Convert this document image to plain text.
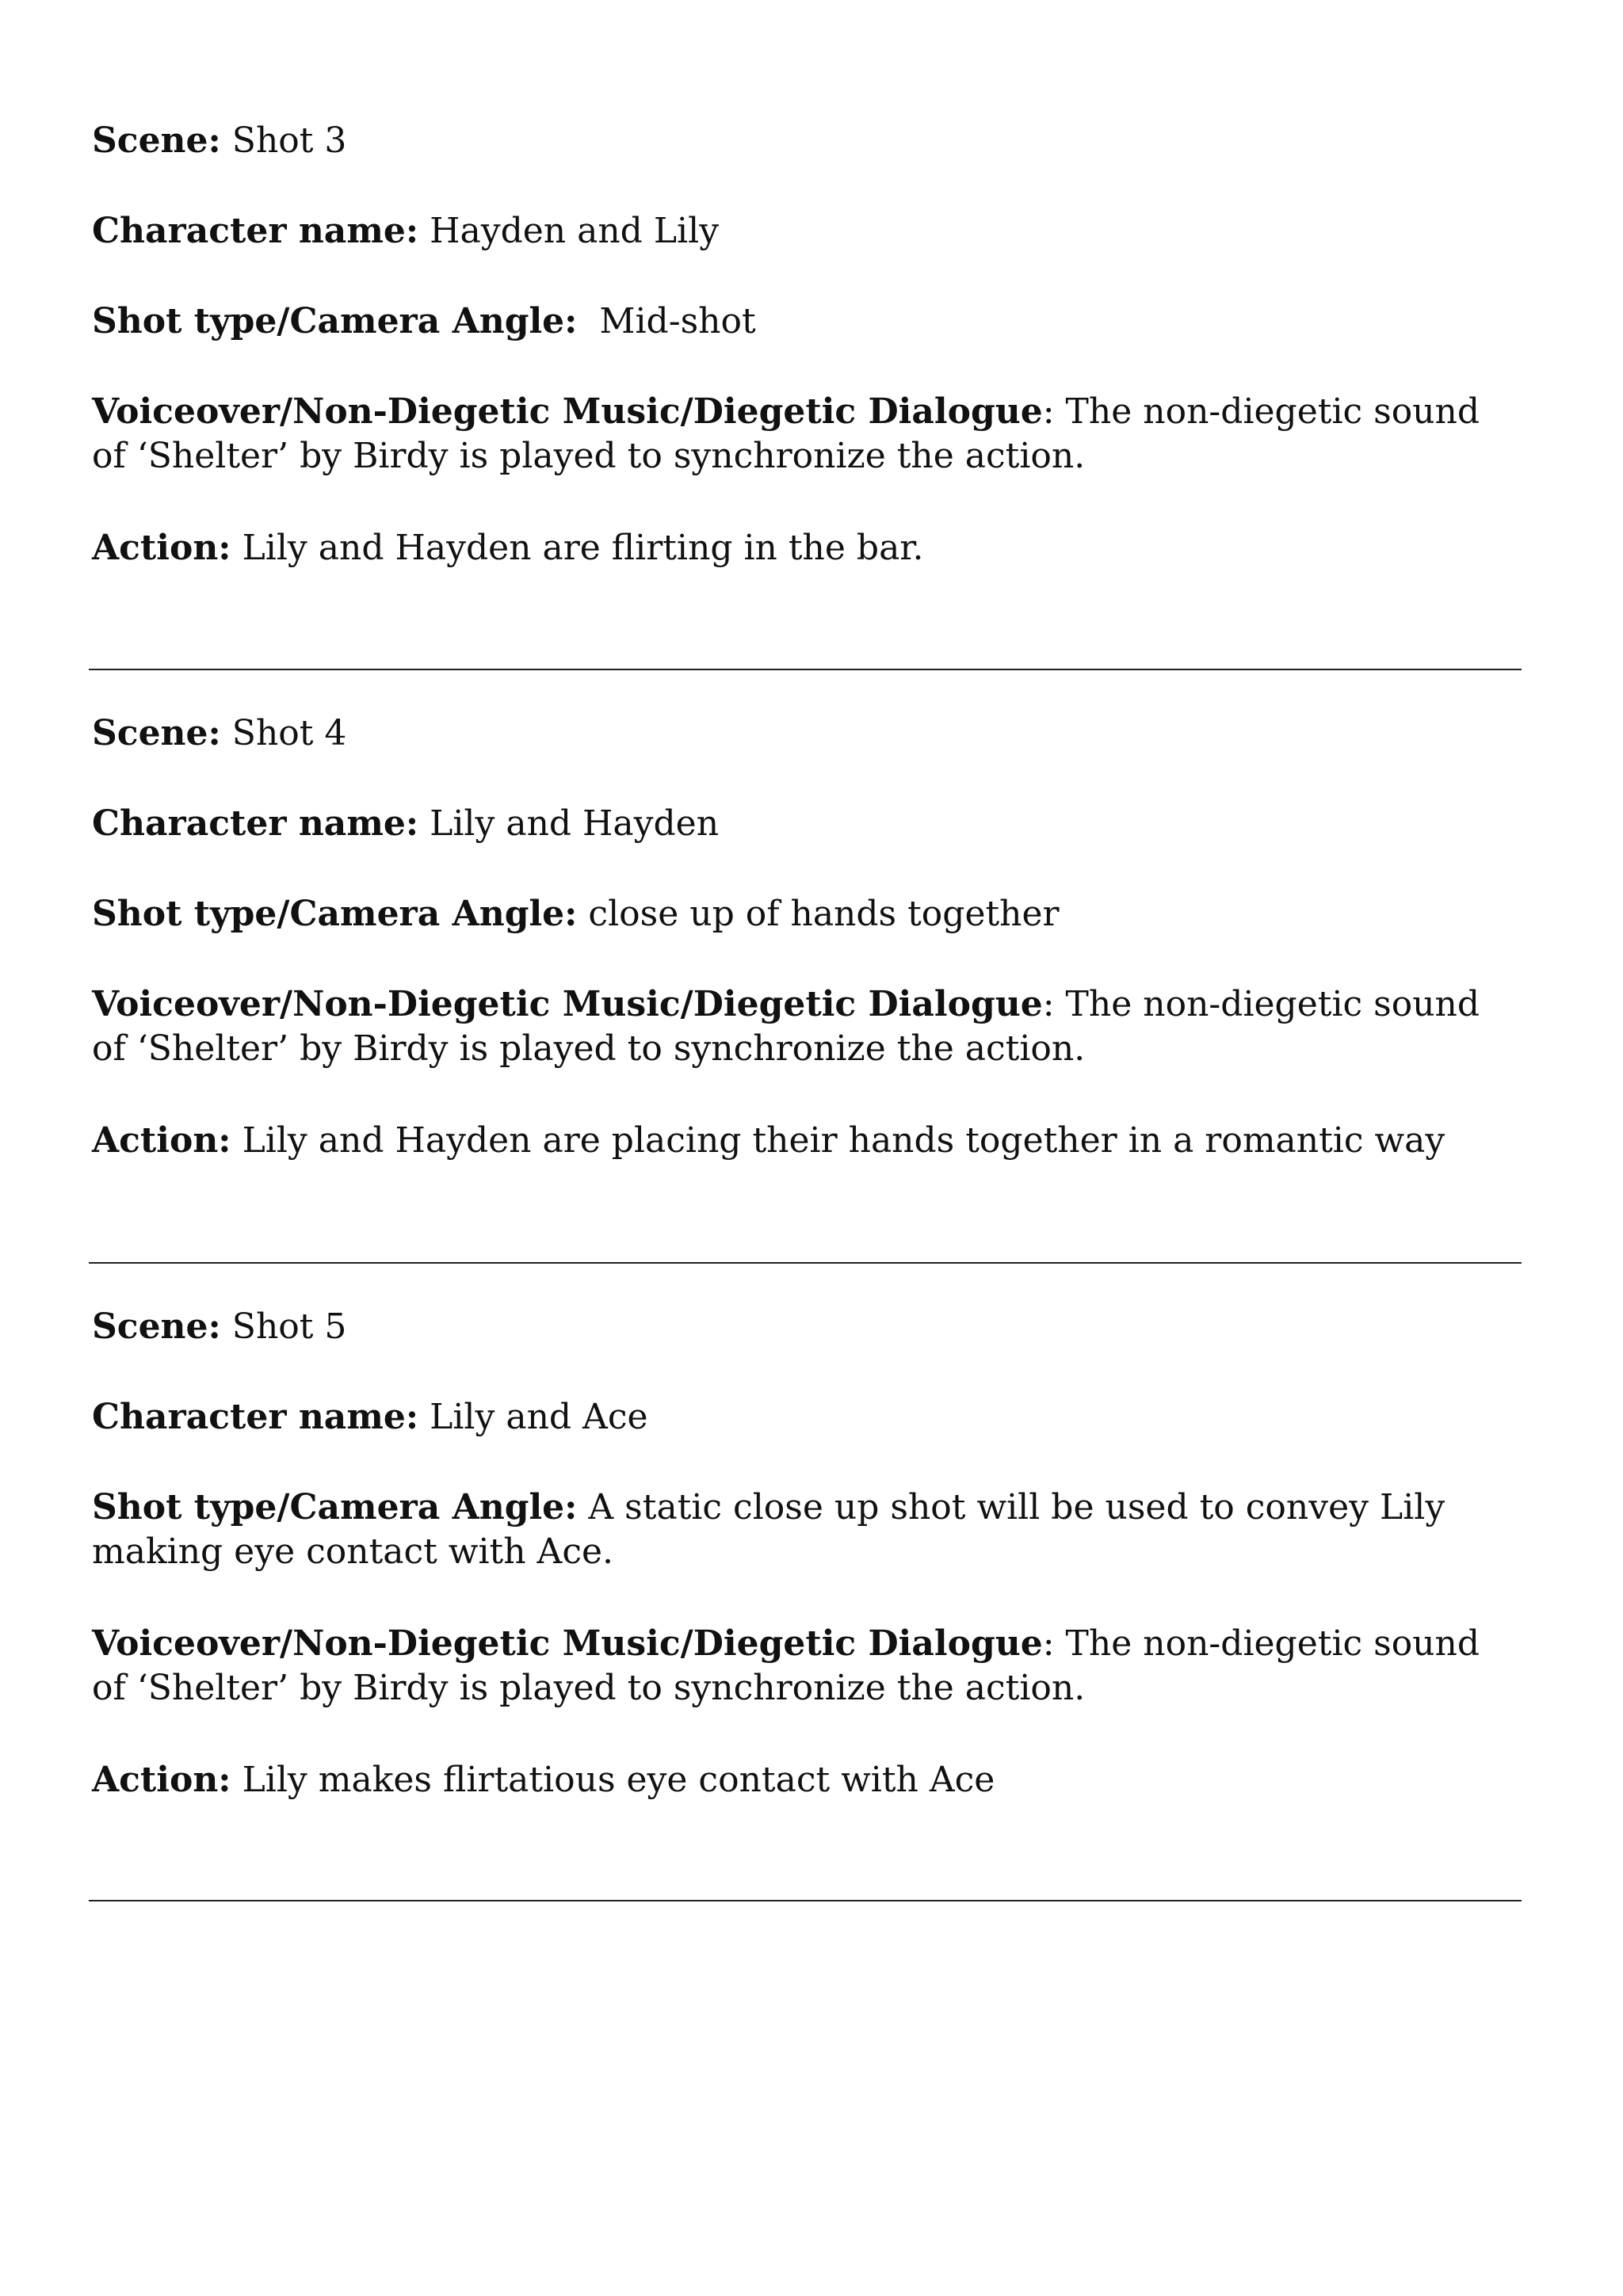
Scene: Shot 3
Character name: Hayden and Lily
Shot type/Camera Angle: Mid-shot
Voiceover/Non-Diegetic Music/Diegetic Dialogue: The non-diegetic sound of ‘Shelter’ by Birdy is played to synchronize the action.
Action: Lily and Hayden are flirting in the bar.
Scene: Shot 4
Character name: Lily and Hayden
Shot type/Camera Angle: close up of hands together
Voiceover/Non-Diegetic Music/Diegetic Dialogue: The non-diegetic sound of ‘Shelter’ by Birdy is played to synchronize the action.
Action: Lily and Hayden are placing their hands together in a romantic way
Scene: Shot 5
Character name: Lily and Ace
Shot type/Camera Angle: A static close up shot will be used to convey Lily making eye contact with Ace.
Voiceover/Non-Diegetic Music/Diegetic Dialogue: The non-diegetic sound of ‘Shelter’ by Birdy is played to synchronize the action.
Action: Lily makes flirtatious eye contact with Ace
